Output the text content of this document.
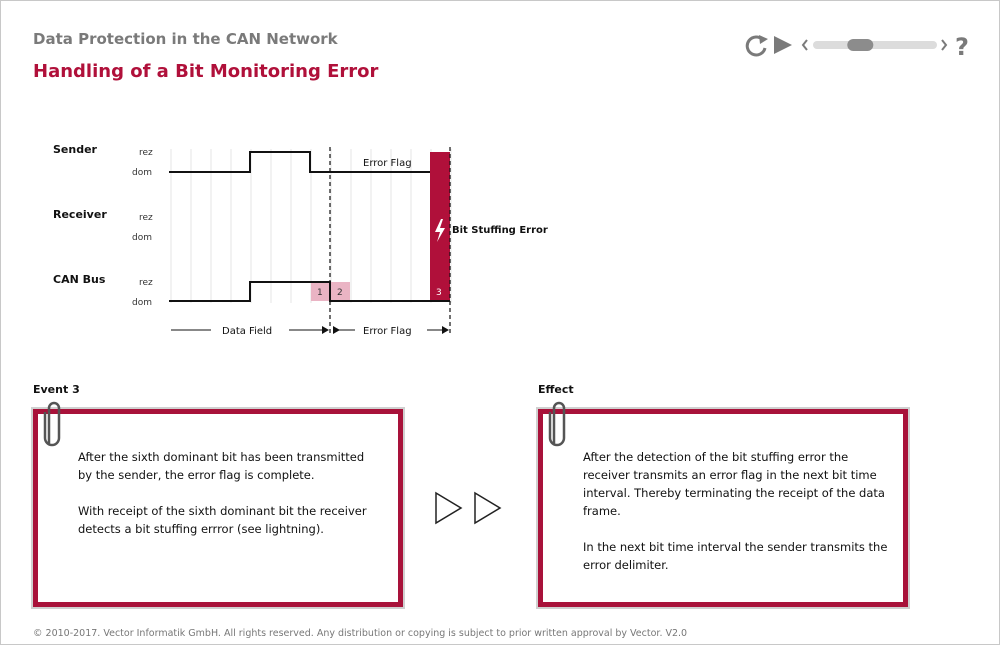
Data Protection in the CAN Network
Handling of a Bit Monitoring Error
?
Sender	rez
dom
Receiver	rez
dom
CAN Bus	rez
dom
1 2	3
Bit Stuffing Error
Error Flag
Data Field	Error Flag
Event 3

After the sixth dominant bit has been transmitted by the sender, the error flag is complete.

With receipt of the sixth dominant bit the receiver detects a bit stuffing errror (see lightning).

Effect

After the detection of the bit stuffing error the receiver transmits an error flag in the next bit time interval. Thereby terminating the receipt of the data frame.

In the next bit time interval the sender transmits the error delimiter.

© 2010-2017. Vector Informatik GmbH. All rights reserved. Any distribution or copying is subject to prior written approval by Vector. V2.0
